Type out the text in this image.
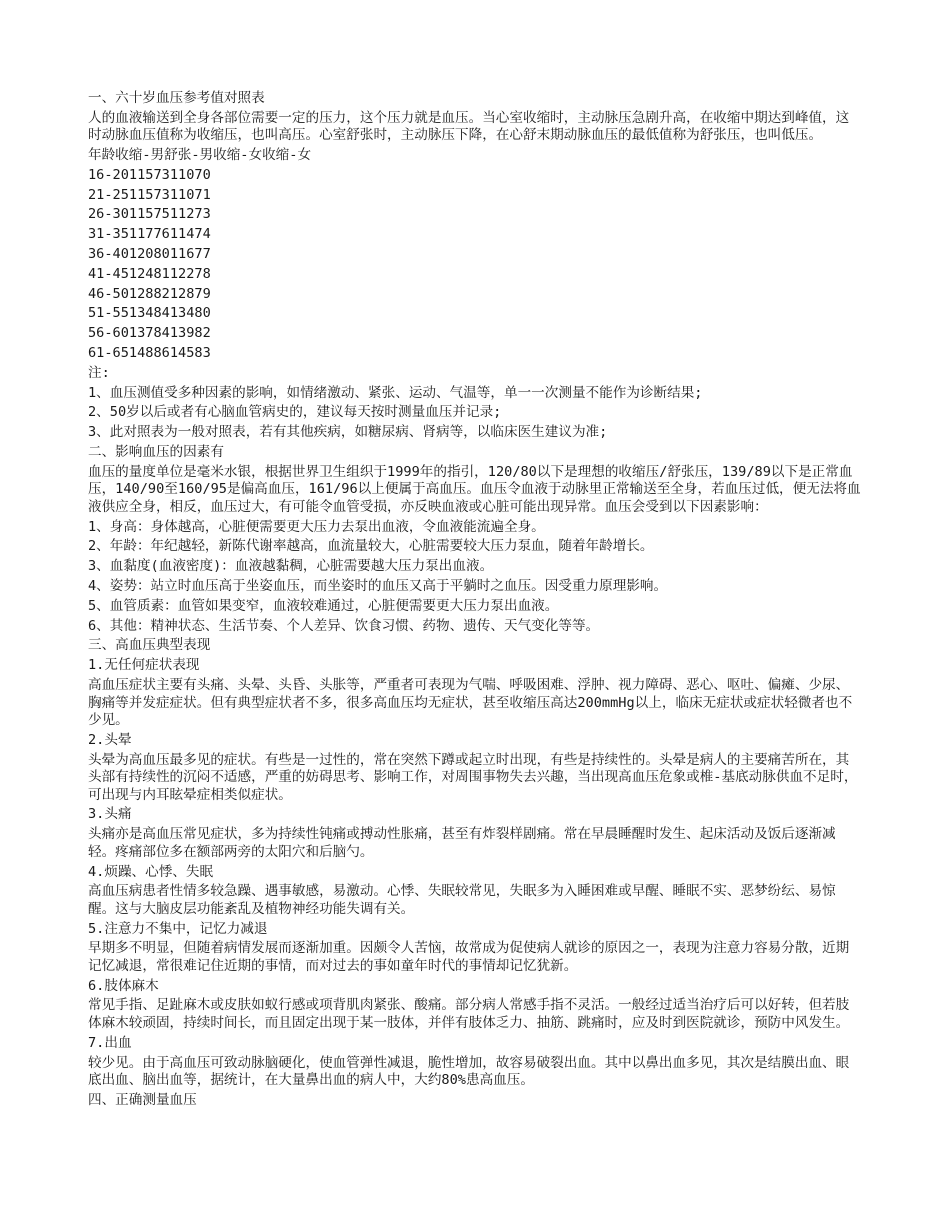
一、六十岁血压参考值对照表

人的血液输送到全身各部位需要一定的压力，这个压力就是血压。当心室收缩时，主动脉压急剧升高，在收缩中期达到峰值，这时动脉血压值称为收缩压，也叫高压。心室舒张时，主动脉压下降，在心舒末期动脉血压的最低值称为舒张压，也叫低压。

年龄收缩-男舒张-男收缩-女收缩-女

16-201157311070

21-251157311071

26-301157511273

31-351177611474

36-401208011677

41-451248112278

46-501288212879

51-551348413480

56-601378413982

61-651488614583

注:

1、血压测值受多种因素的影响，如情绪激动、紧张、运动、气温等，单一一次测量不能作为诊断结果;

2、50岁以后或者有心脑血管病史的，建议每天按时测量血压并记录;

3、此对照表为一般对照表，若有其他疾病，如糖尿病、肾病等，以临床医生建议为准;

二、影响血压的因素有

血压的量度单位是毫米水银，根据世界卫生组织于1999年的指引，120/80以下是理想的收缩压/舒张压，139/89以下是正常血压，140/90至160/95是偏高血压，161/96以上便属于高血压。血压令血液于动脉里正常输送至全身，若血压过低，便无法将血液供应全身，相反，血压过大，有可能令血管受损，亦反映血液或心脏可能出现异常。血压会受到以下因素影响：

1、身高：身体越高，心脏便需要更大压力去泵出血液，令血液能流遍全身。

2、年龄：年纪越轻，新陈代谢率越高，血流量较大，心脏需要较大压力泵血，随着年龄增长。

3、血黏度(血液密度)：血液越黏稠，心脏需要越大压力泵出血液。

4、姿势：站立时血压高于坐姿血压，而坐姿时的血压又高于平躺时之血压。因受重力原理影响。

5、血管质素：血管如果变窄，血液较难通过，心脏便需要更大压力泵出血液。

6、其他：精神状态、生活节奏、个人差异、饮食习惯、药物、遗传、天气变化等等。

三、高血压典型表现

1.无任何症状表现

高血压症状主要有头痛、头晕、头昏、头胀等，严重者可表现为气喘、呼吸困难、浮肿、视力障碍、恶心、呕吐、偏瘫、少尿、胸痛等并发症症状。但有典型症状者不多，很多高血压均无症状，甚至收缩压高达200mmHg以上，临床无症状或症状轻微者也不少见。

2.头晕

头晕为高血压最多见的症状。有些是一过性的，常在突然下蹲或起立时出现，有些是持续性的。头晕是病人的主要痛苦所在，其头部有持续性的沉闷不适感，严重的妨碍思考、影响工作，对周围事物失去兴趣，当出现高血压危象或椎-基底动脉供血不足时，可出现与内耳眩晕症相类似症状。

3.头痛

头痛亦是高血压常见症状，多为持续性钝痛或搏动性胀痛，甚至有炸裂样剧痛。常在早晨睡醒时发生、起床活动及饭后逐渐减轻。疼痛部位多在额部两旁的太阳穴和后脑勺。

4.烦躁、心悸、失眠

高血压病患者性情多较急躁、遇事敏感，易激动。心悸、失眠较常见，失眠多为入睡困难或早醒、睡眠不实、恶梦纷纭、易惊醒。这与大脑皮层功能紊乱及植物神经功能失调有关。

5.注意力不集中，记忆力减退

早期多不明显，但随着病情发展而逐渐加重。因颇令人苦恼，故常成为促使病人就诊的原因之一，表现为注意力容易分散，近期记忆减退，常很难记住近期的事情，而对过去的事如童年时代的事情却记忆犹新。

6.肢体麻木

常见手指、足趾麻木或皮肤如蚁行感或项背肌肉紧张、酸痛。部分病人常感手指不灵活。一般经过适当治疗后可以好转，但若肢体麻木较顽固，持续时间长，而且固定出现于某一肢体，并伴有肢体乏力、抽筋、跳痛时，应及时到医院就诊，预防中风发生。

7.出血

较少见。由于高血压可致动脉脑硬化，使血管弹性减退，脆性增加，故容易破裂出血。其中以鼻出血多见，其次是结膜出血、眼底出血、脑出血等，据统计，在大量鼻出血的病人中，大约80%患高血压。

四、正确测量血压
